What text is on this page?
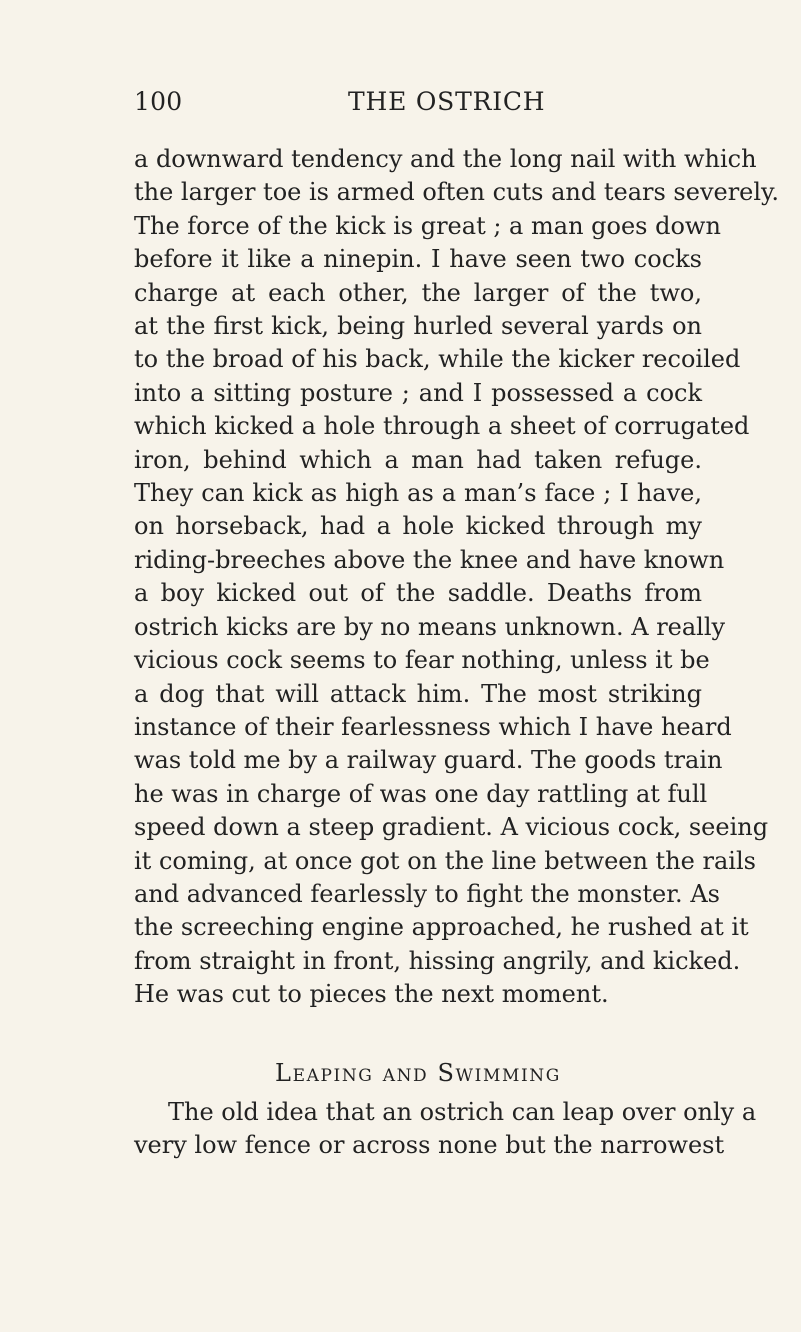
100	THE OSTRICH
a downward tendency and the long nail with which
the larger toe is armed often cuts and tears severely.
The force of the kick is great ; a man goes down
before it like a ninepin. I have seen two cocks
charge at each other, the larger of the two,
at the first kick, being hurled several yards on
to the broad of his back, while the kicker recoiled
into a sitting posture ; and I possessed a cock
which kicked a hole through a sheet of corrugated
iron, behind which a man had taken refuge.
They can kick as high as a man’s face ; I have,
on horseback, had a hole kicked through my
riding-breeches above the knee and have known
a boy kicked out of the saddle. Deaths from
ostrich kicks are by no means unknown. A really
vicious cock seems to fear nothing, unless it be
a dog that will attack him. The most striking
instance of their fearlessness which I have heard
was told me by a railway guard. The goods train
he was in charge of was one day rattling at full
speed down a steep gradient. A vicious cock, seeing
it coming, at once got on the line between the rails
and advanced fearlessly to fight the monster. As
the screeching engine approached, he rushed at it
from straight in front, hissing angrily, and kicked.
He was cut to pieces the next moment.
Leaping and Swimming
The old idea that an ostrich can leap over only a
very low fence or across none but the narrowest
